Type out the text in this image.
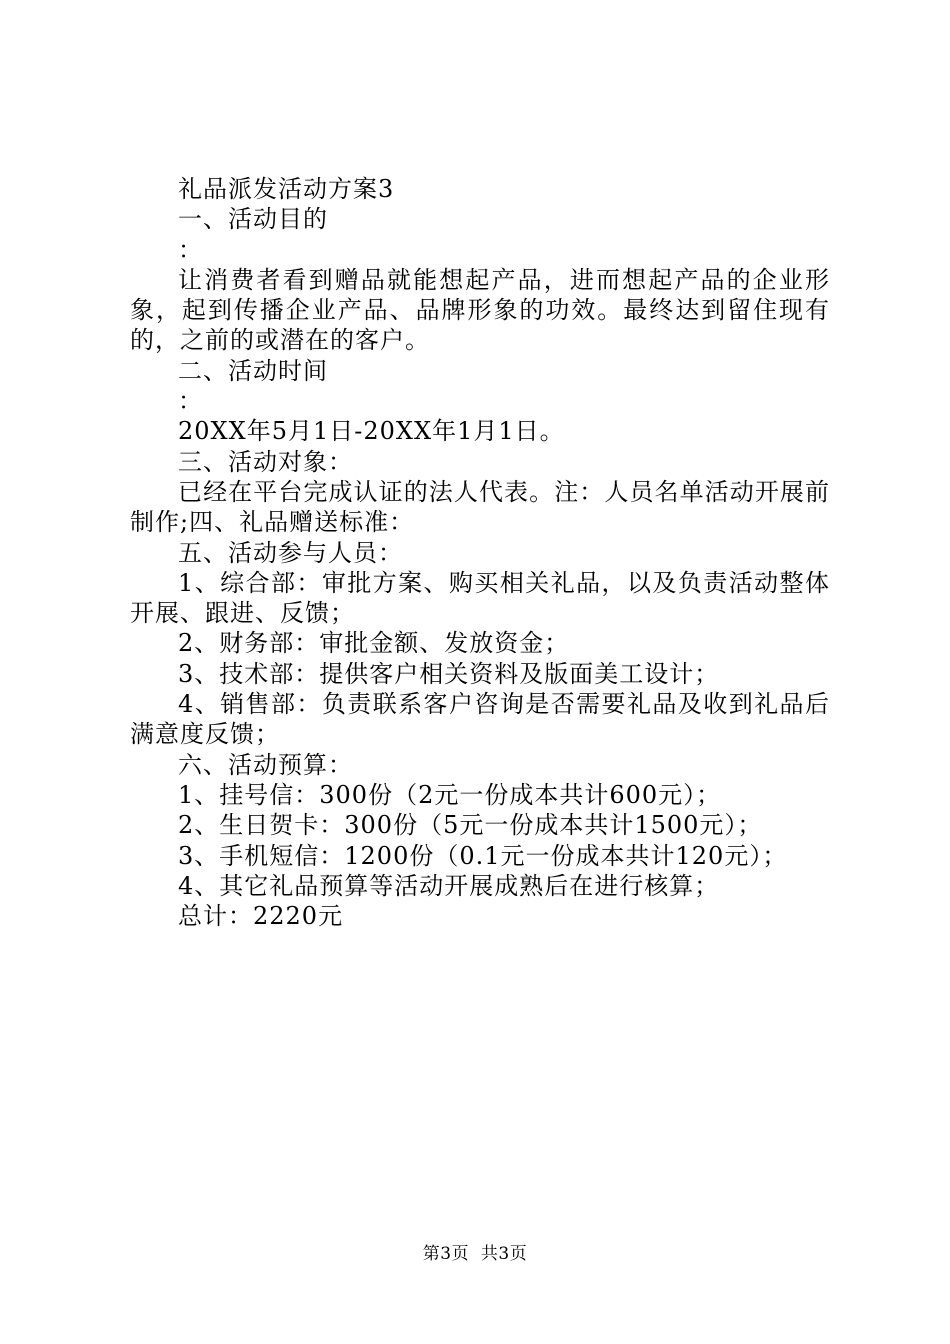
礼品派发活动方案3

一、活动目的

：

让消费者看到赠品就能想起产品，进而想起产品的企业形象，起到传播企业产品、品牌形象的功效。最终达到留住现有的，之前的或潜在的客户。

二、活动时间

：

20XX年5月1日-20XX年1月1日。

三、活动对象：

已经在平台完成认证的法人代表。注：人员名单活动开展前制作;四、礼品赠送标准：

五、活动参与人员：

1、综合部：审批方案、购买相关礼品，以及负责活动整体开展、跟进、反馈；

2、财务部：审批金额、发放资金；

3、技术部：提供客户相关资料及版面美工设计；

4、销售部：负责联系客户咨询是否需要礼品及收到礼品后满意度反馈；

六、活动预算：

1、挂号信：300份（2元一份成本共计600元）；

2、生日贺卡：300份（5元一份成本共计1500元）；

3、手机短信：1200份（0.1元一份成本共计120元）；

4、其它礼品预算等活动开展成熟后在进行核算；

总计：2220元

第3页  共3页
